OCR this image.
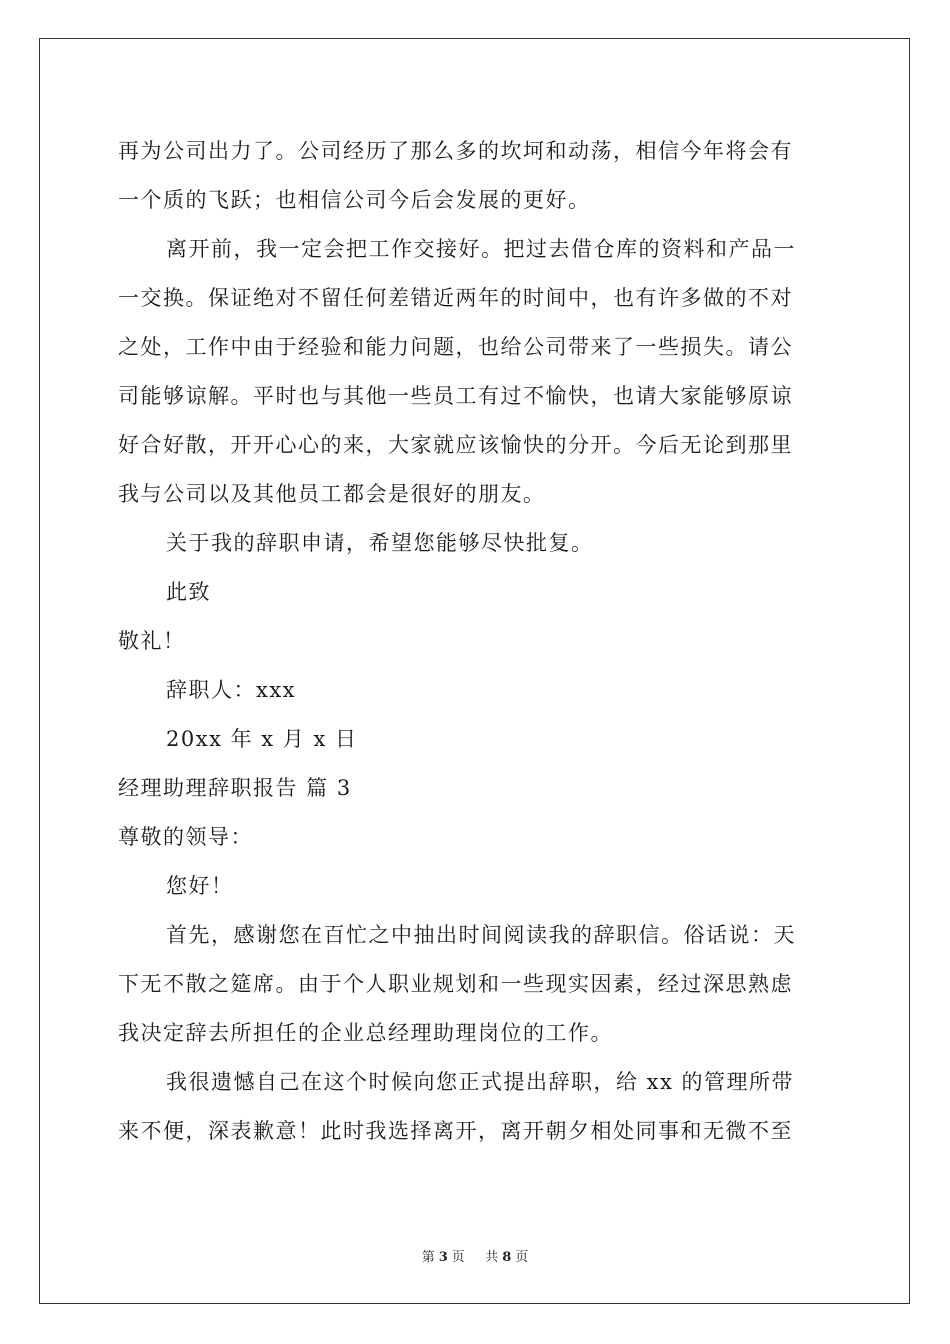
再为公司出力了。公司经历了那么多的坎坷和动荡，相信今年将会有
一个质的飞跃；也相信公司今后会发展的更好。
离开前，我一定会把工作交接好。把过去借仓库的资料和产品一
一交换。保证绝对不留任何差错近两年的时间中，也有许多做的不对
之处，工作中由于经验和能力问题，也给公司带来了一些损失。请公
司能够谅解。平时也与其他一些员工有过不愉快，也请大家能够原谅
好合好散，开开心心的来，大家就应该愉快的分开。今后无论到那里
我与公司以及其他员工都会是很好的朋友。
关于我的辞职申请，希望您能够尽快批复。
此致
敬礼！
辞职人：xxx
20xx 年 x 月 x 日
经理助理辞职报告 篇 3
尊敬的领导：
您好！
首先，感谢您在百忙之中抽出时间阅读我的辞职信。俗话说：天
下无不散之筵席。由于个人职业规划和一些现实因素，经过深思熟虑
我决定辞去所担任的企业总经理助理岗位的工作。
我很遗憾自己在这个时候向您正式提出辞职，给 xx 的管理所带
来不便，深表歉意！此时我选择离开，离开朝夕相处同事和无微不至
第 3 页 共 8 页
